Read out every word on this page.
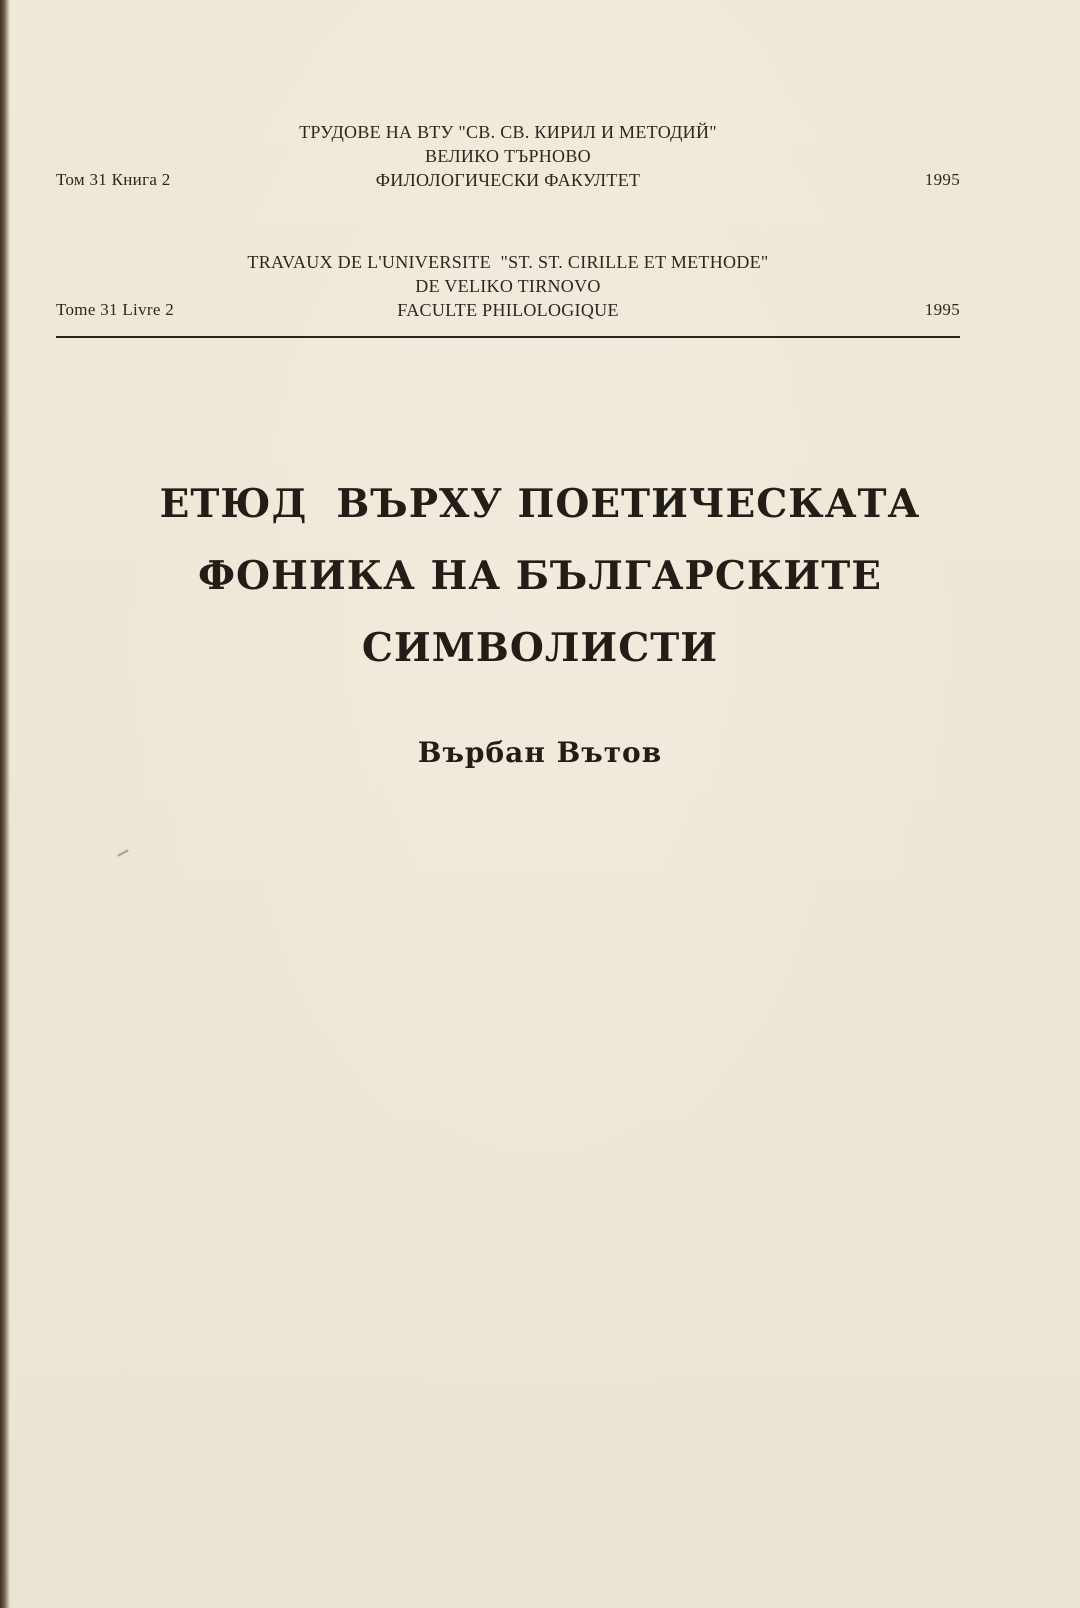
ТРУДОВЕ НА ВТУ "СВ. СВ. КИРИЛ И МЕТОДИЙ"
ВЕЛИКО ТЪРНОВО
Том 31 Книга 2	ФИЛОЛОГИЧЕСКИ ФАКУЛТЕТ	1995
TRAVAUX DE L'UNIVERSITE  "ST. ST. CIRILLE ET METHODE"
DE VELIKO TIRNOVO
Tome 31 Livre 2	FACULTE PHILOLOGIQUE	1995
ЕТЮД  ВЪРХУ ПОЕТИЧЕСКАТА
ФОНИКА НА БЪЛГАРСКИТЕ
СИМВОЛИСТИ
Върбан Вътов
